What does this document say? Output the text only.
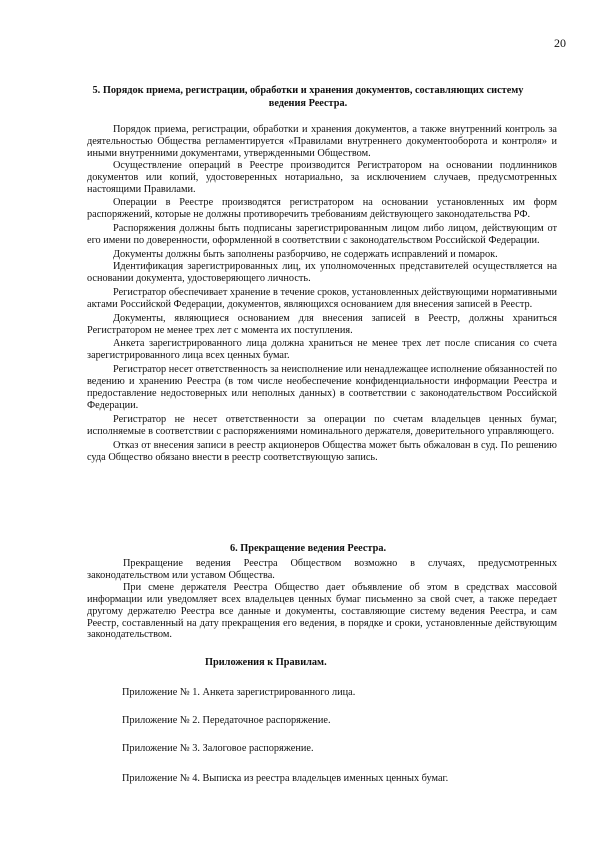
20
5. Порядок приема, регистрации, обработки и хранения документов, составляющих систему ведения Реестра.

Порядок приема, регистрации, обработки и хранения документов, а также внутренний контроль за деятельностью Общества регламентируется «Правилами внутреннего документооборота и контроля» и иными внутренними документами, утвержденными Обществом.

Осуществление операций в Реестре производится Регистратором на основании подлинников документов или копий, удостоверенных нотариально, за исключением случаев, предусмотренных настоящими Правилами.

Операции в Реестре производятся регистратором на основании установленных им форм распоряжений, которые не должны противоречить требованиям действующего законодательства РФ.

Распоряжения должны быть подписаны зарегистрированным лицом либо лицом, действующим от его имени по доверенности, оформленной в соответствии с законодательством Российской Федерации.

Документы должны быть заполнены разборчиво, не содержать исправлений и помарок.

Идентификация зарегистрированных лиц, их уполномоченных представителей осуществляется на основании документа, удостоверяющего личность.

Регистратор обеспечивает хранение в течение сроков, установленных действующими нормативными актами Российской Федерации, документов, являющихся основанием для внесения записей в Реестр.

Документы, являющиеся основанием для внесения записей в Реестр, должны храниться Регистратором не менее трех лет с момента их поступления.

Анкета зарегистрированного лица должна храниться не менее трех лет после списания со счета зарегистрированного лица всех ценных бумаг.

Регистратор несет ответственность за неисполнение или ненадлежащее исполнение обязанностей по ведению и хранению Реестра (в том числе необеспечение конфиденциальности информации Реестра и предоставление недостоверных или неполных данных) в соответствии с законодательством Российской Федерации.

Регистратор не несет ответственности за операции по счетам владельцев ценных бумаг, исполняемые в соответствии с распоряжениями номинального держателя, доверительного управляющего.

Отказ от внесения записи в реестр акционеров Общества может быть обжалован в суд. По решению суда Общество обязано внести в реестр соответствующую запись.

6. Прекращение ведения Реестра.

Прекращение ведения Реестра Обществом возможно в случаях, предусмотренных законодательством или уставом Общества.

При смене держателя Реестра Общество дает объявление об этом в средствах массовой информации или уведомляет всех владельцев ценных бумаг письменно за свой счет, а также передает другому держателю Реестра все данные и документы, составляющие систему ведения Реестра, и сам Реестр, составленный на дату прекращения его ведения, в порядке и сроки, установленные действующим законодательством.

Приложения к Правилам.
Приложение № 1. Анкета зарегистрированного лица.
Приложение № 2. Передаточное распоряжение.
Приложение № 3. Залоговое распоряжение.
Приложение № 4. Выписка из реестра владельцев именных ценных бумаг.
